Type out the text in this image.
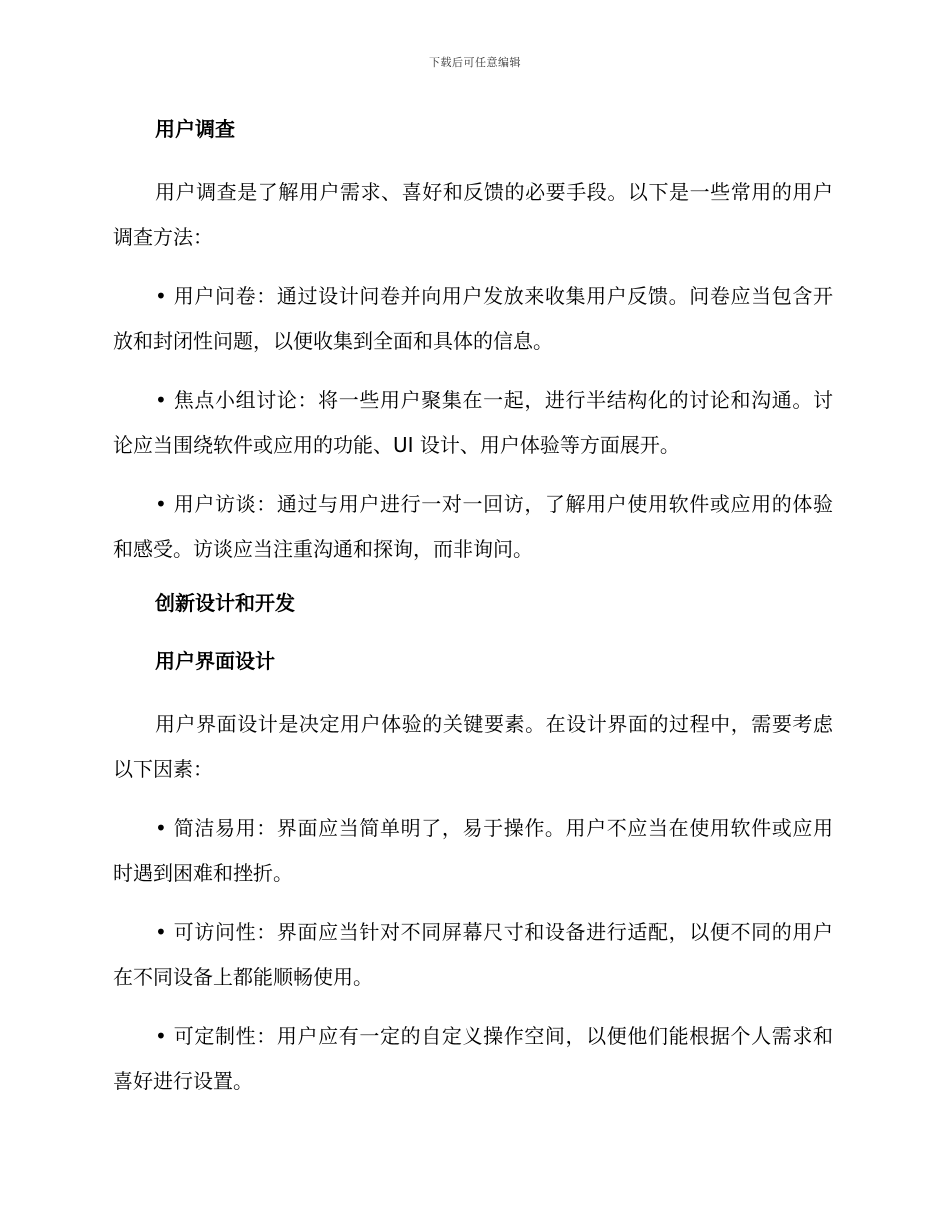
下载后可任意编辑
用户调查

用户调查是了解用户需求、喜好和反馈的必要手段。以下是一些常用的用户调查方法：

• 用户问卷：通过设计问卷并向用户发放来收集用户反馈。问卷应当包含开放和封闭性问题，以便收集到全面和具体的信息。

• 焦点小组讨论：将一些用户聚集在一起，进行半结构化的讨论和沟通。讨论应当围绕软件或应用的功能、UI 设计、用户体验等方面展开。

• 用户访谈：通过与用户进行一对一回访，了解用户使用软件或应用的体验和感受。访谈应当注重沟通和探询，而非询问。

创新设计和开发
用户界面设计

用户界面设计是决定用户体验的关键要素。在设计界面的过程中，需要考虑以下因素：

• 简洁易用：界面应当简单明了，易于操作。用户不应当在使用软件或应用时遇到困难和挫折。

• 可访问性：界面应当针对不同屏幕尺寸和设备进行适配，以便不同的用户在不同设备上都能顺畅使用。

• 可定制性：用户应有一定的自定义操作空间，以便他们能根据个人需求和喜好进行设置。
